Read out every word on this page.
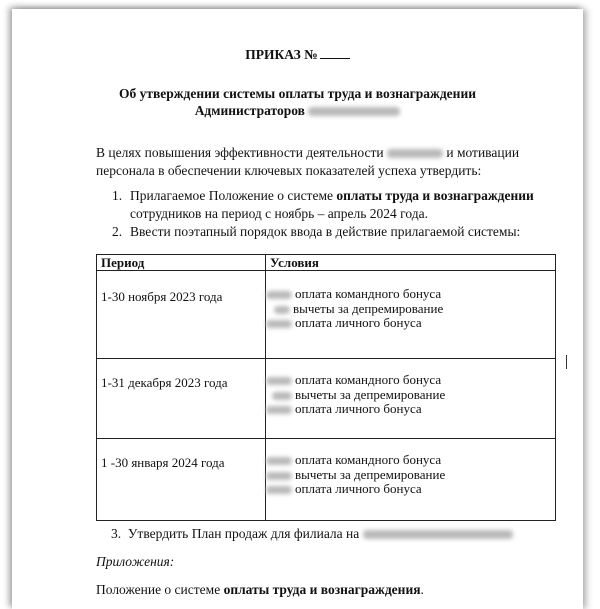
ПРИКАЗ №
Об утверждении системы оплаты труда и вознаграждении
Администраторов
В целях повышения эффективности деятельности	и мотивации
персонала в обеспечении ключевых показателей успеха утвердить:
1. Прилагаемое Положение о системе оплаты труда и вознаграждении
сотрудников на период с ноябрь – апрель 2024 года.
2. Ввести поэтапный порядок ввода в действие прилагаемой системы:
Период	Условия

1-30 ноября 2023 года	оплата командного бонуса
вычеты за депремирование
оплата личного бонуса

1-31 декабря 2023 года	оплата командного бонуса
вычеты за депремирование
оплата личного бонуса

1 -30 января 2024 года	оплата командного бонуса
вычеты за депремирование
оплата личного бонуса
3. Утвердить План продаж для филиала на
Приложения:
Положение о системе оплаты труда и вознаграждения.
